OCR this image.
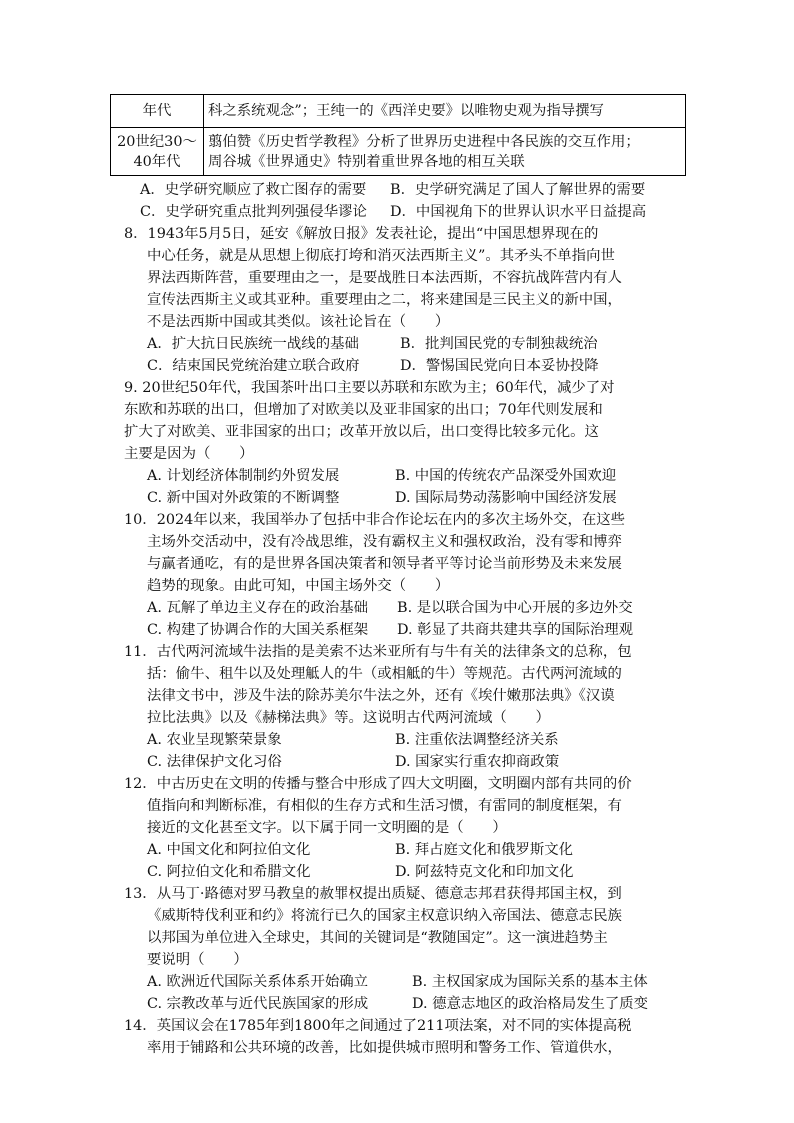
年代	科之系统观念”；王纯一的《西洋史要》以唯物史观为指导撰写
20世纪30～
40年代	翦伯赞《历史哲学教程》分析了世界历史进程中各民族的交互作用；
周谷城《世界通史》特别着重世界各地的相互关联
A．史学研究顺应了救亡图存的需要 B．史学研究满足了国人了解世界的需要
C．史学研究重点批判列强侵华谬论 D．中国视角下的世界认识水平日益提高
8．1943年5月5日，延安《解放日报》发表社论，提出“中国思想界现在的
中心任务，就是从思想上彻底打垮和消灭法西斯主义”。其矛头不单指向世
界法西斯阵营，重要理由之一，是要战胜日本法西斯，不容抗战阵营内有人
宣传法西斯主义或其亚种。重要理由之二，将来建国是三民主义的新中国，
不是法西斯中国或其类似。该社论旨在（　　）
A．扩大抗日民族统一战线的基础	B．批判国民党的专制独裁统治
C．结束国民党统治建立联合政府	D．警惕国民党向日本妥协投降
9. 20世纪50年代，我国茶叶出口主要以苏联和东欧为主；60年代，减少了对
东欧和苏联的出口，但增加了对欧美以及亚非国家的出口；70年代则发展和
扩大了对欧美、亚非国家的出口；改革开放以后，出口变得比较多元化。这
主要是因为（　　）
A. 计划经济体制制约外贸发展	B. 中国的传统农产品深受外国欢迎
C. 新中国对外政策的不断调整	D. 国际局势动荡影响中国经济发展
10．2024年以来，我国举办了包括中非合作论坛在内的多次主场外交，在这些
主场外交活动中，没有冷战思维，没有霸权主义和强权政治，没有零和博弈
与赢者通吃，有的是世界各国决策者和领导者平等讨论当前形势及未来发展
趋势的现象。由此可知，中国主场外交（　　）
A. 瓦解了单边主义存在的政治基础 B. 是以联合国为中心开展的多边外交
C. 构建了协调合作的大国关系框架 D. 彰显了共商共建共享的国际治理观
11．古代两河流域牛法指的是美索不达米亚所有与牛有关的法律条文的总称，包
括：偷牛、租牛以及处理觝人的牛（或相觝的牛）等规范。古代两河流域的
法律文书中，涉及牛法的除苏美尔牛法之外，还有《埃什嫩那法典》《汉谟
拉比法典》以及《赫梯法典》等。这说明古代两河流域（　　）
A. 农业呈现繁荣景象	B. 注重依法调整经济关系
C. 法律保护文化习俗	D. 国家实行重农抑商政策
12．中古历史在文明的传播与整合中形成了四大文明圈，文明圈内部有共同的价
值指向和判断标准，有相似的生存方式和生活习惯，有雷同的制度框架，有
接近的文化甚至文字。以下属于同一文明圈的是（　　）
A. 中国文化和阿拉伯文化	B. 拜占庭文化和俄罗斯文化
C. 阿拉伯文化和希腊文化	D. 阿兹特克文化和印加文化
13．从马丁·路德对罗马教皇的赦罪权提出质疑、德意志邦君获得邦国主权，到
《威斯特伐利亚和约》将流行已久的国家主权意识纳入帝国法、德意志民族
以邦国为单位进入全球史，其间的关键词是“教随国定”。这一演进趋势主
要说明（　　）
A. 欧洲近代国际关系体系开始确立	B. 主权国家成为国际关系的基本主体
C. 宗教改革与近代民族国家的形成	D. 德意志地区的政治格局发生了质变
14．英国议会在1785年到1800年之间通过了211项法案，对不同的实体提高税
率用于铺路和公共环境的改善，比如提供城市照明和警务工作、管道供水，
